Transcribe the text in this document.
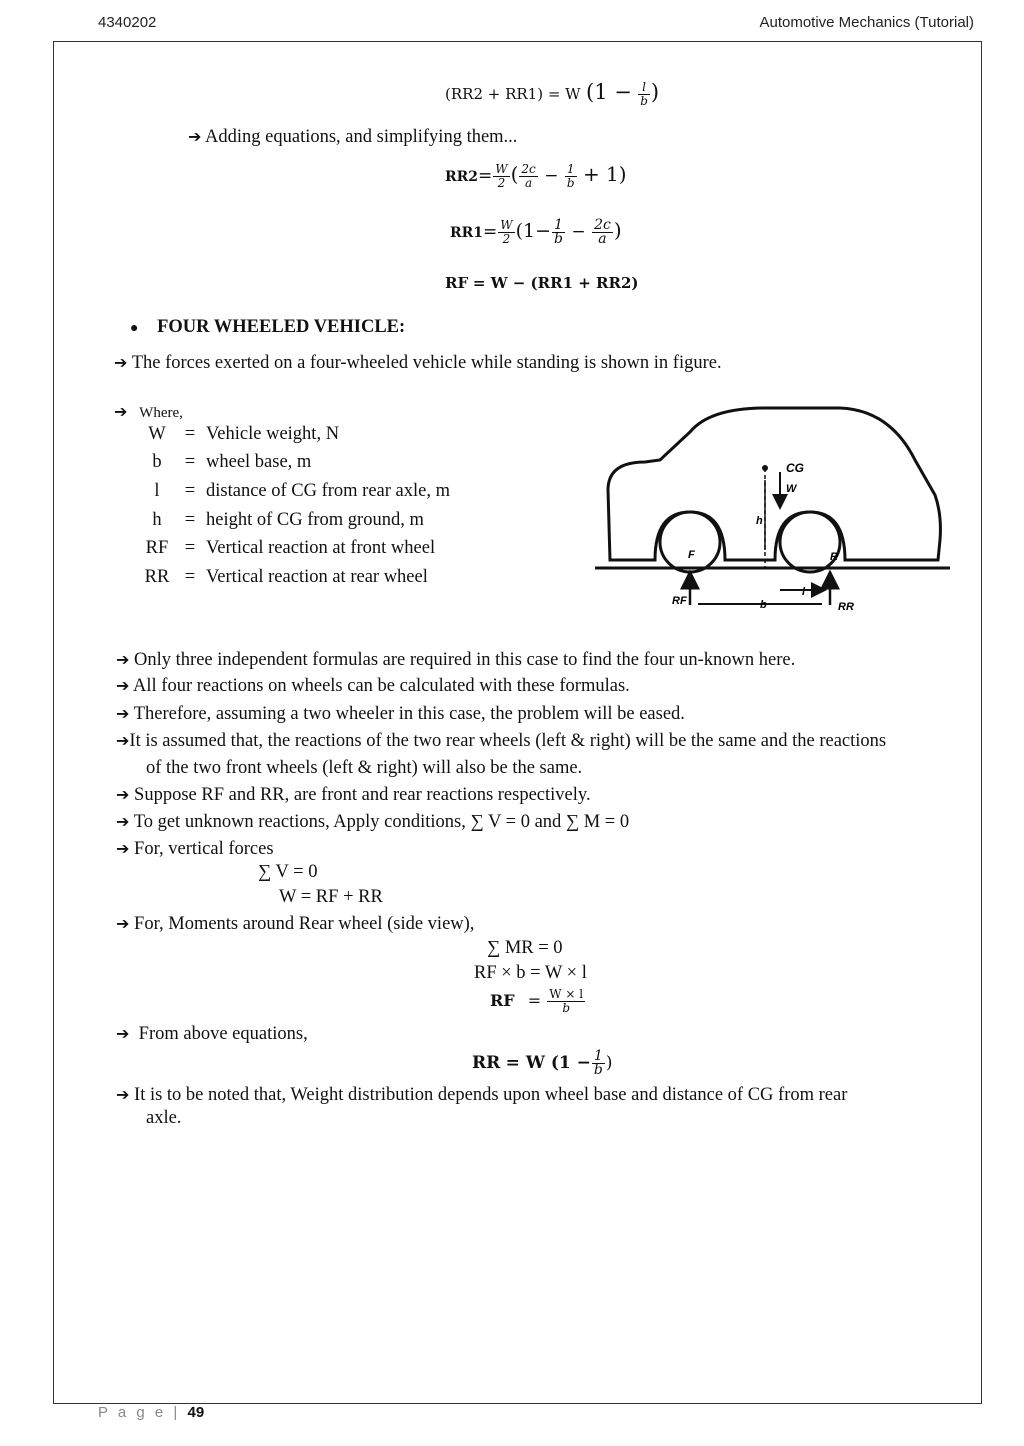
4340202	Automotive Mechanics (Tutorial)
(RR2 + RR1) = W ($1 - \frac{l}{b}$ )
➔ Adding equations, and simplifying them...
$RR2= \frac{W}{2}$ ( $\frac{2c}{a} - \frac{1}{b} + 1$)
$RR1= \frac{W}{2} (1- \frac{1}{b} - \frac{2c}{a}$ )
RF = W − (RR1 + RR2)
● FOUR WHEELED VEHICLE:
➔ The forces exerted on a four-wheeled vehicle while standing is shown in figure.
➔ Where,
W	=	Vehicle weight, N
b	=	wheel base, m
l	=	distance of CG from rear axle, m
h	=	height of CG from ground, m
RF	=	Vertical reaction at front wheel
RR	=	Vertical reaction at rear wheel
CG
W
h
F	R
RF	RR
b
l
➔ Only three independent formulas are required in this case to find the four un-known here.
➔ All four reactions on wheels can be calculated with these formulas.
➔ Therefore, assuming a two wheeler in this case, the problem will be eased.
➔It is assumed that, the reactions of the two rear wheels (left & right) will be the same and the reactions
of the two front wheels (left & right) will also be the same.
➔ Suppose RF and RR, are front and rear reactions respectively.
➔ To get unknown reactions, Apply conditions, ∑ V = 0 and ∑ M = 0
➔ For, vertical forces
∑ V = 0
W = RF + RR
➔ For, Moments around Rear wheel (side view),
∑ MR = 0
RF × b = W × l
RF = $\frac{W \times l}{b}$
➔ From above equations,
RR = W ($1 - \frac{1}{b}$ )
➔ It is to be noted that, Weight distribution depends upon wheel base and distance of CG from rear
axle.
P a g e | 49
